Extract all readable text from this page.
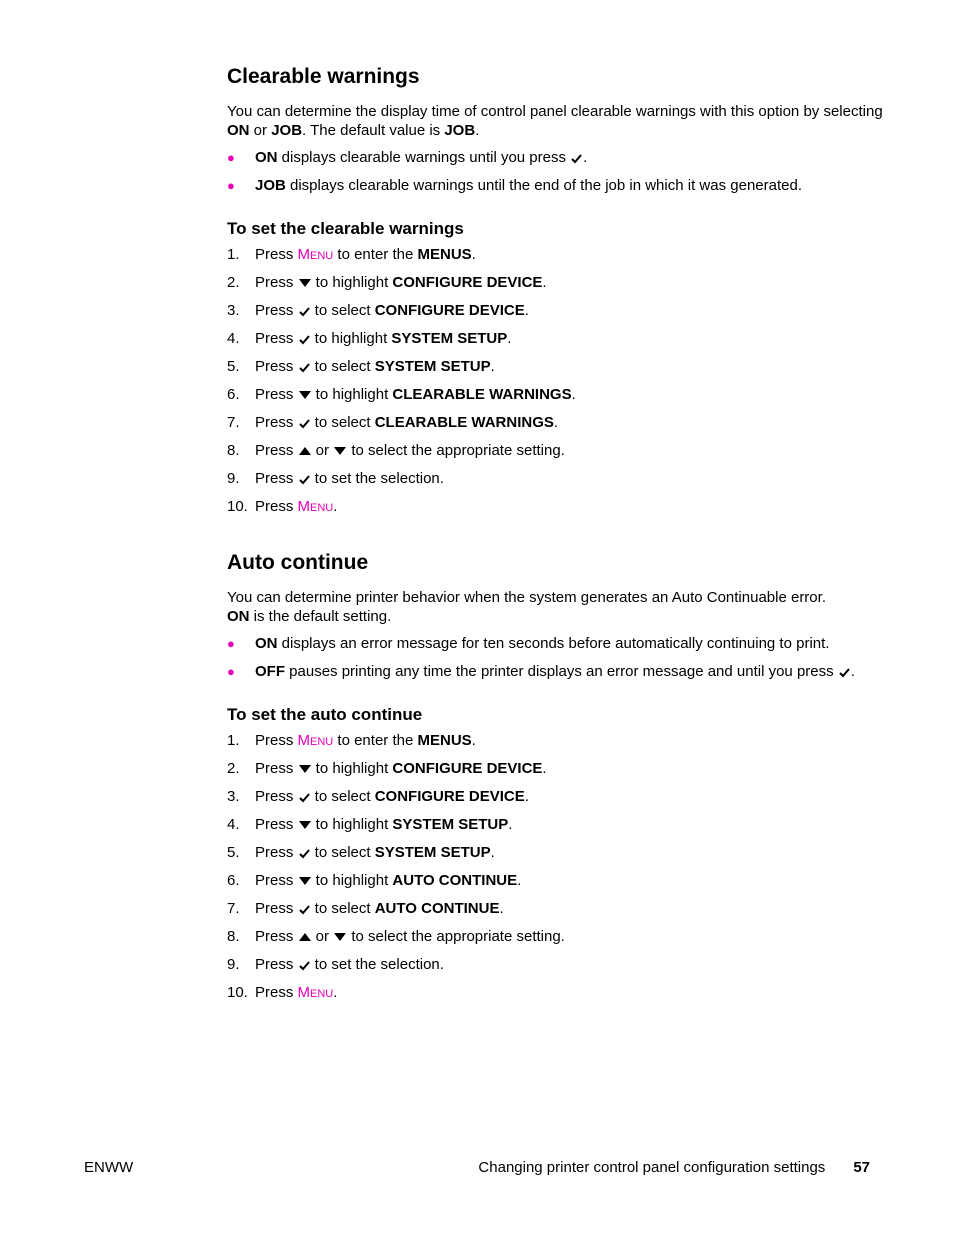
Clearable warnings

You can determine the display time of control panel clearable warnings with this option by selecting ON or JOB. The default value is JOB.

● ON displays clearable warnings until you press .
● JOB displays clearable warnings until the end of the job in which it was generated.
To set the clearable warnings
1. Press Menu to enter the MENUS.
2. Press  to highlight CONFIGURE DEVICE.
3. Press  to select CONFIGURE DEVICE.
4. Press  to highlight SYSTEM SETUP.
5. Press  to select SYSTEM SETUP.
6. Press  to highlight CLEARABLE WARNINGS.
7. Press  to select CLEARABLE WARNINGS.
8. Press  or  to select the appropriate setting.
9. Press  to set the selection.
10. Press Menu.
Auto continue

You can determine printer behavior when the system generates an Auto Continuable error.
ON is the default setting.

● ON displays an error message for ten seconds before automatically continuing to print.
● OFF pauses printing any time the printer displays an error message and until you press .
To set the auto continue
1. Press Menu to enter the MENUS.
2. Press  to highlight CONFIGURE DEVICE.
3. Press  to select CONFIGURE DEVICE.
4. Press  to highlight SYSTEM SETUP.
5. Press  to select SYSTEM SETUP.
6. Press  to highlight AUTO CONTINUE.
7. Press  to select AUTO CONTINUE.
8. Press  or  to select the appropriate setting.
9. Press  to set the selection.
10. Press Menu.
ENWW	Changing printer control panel configuration settings 57
